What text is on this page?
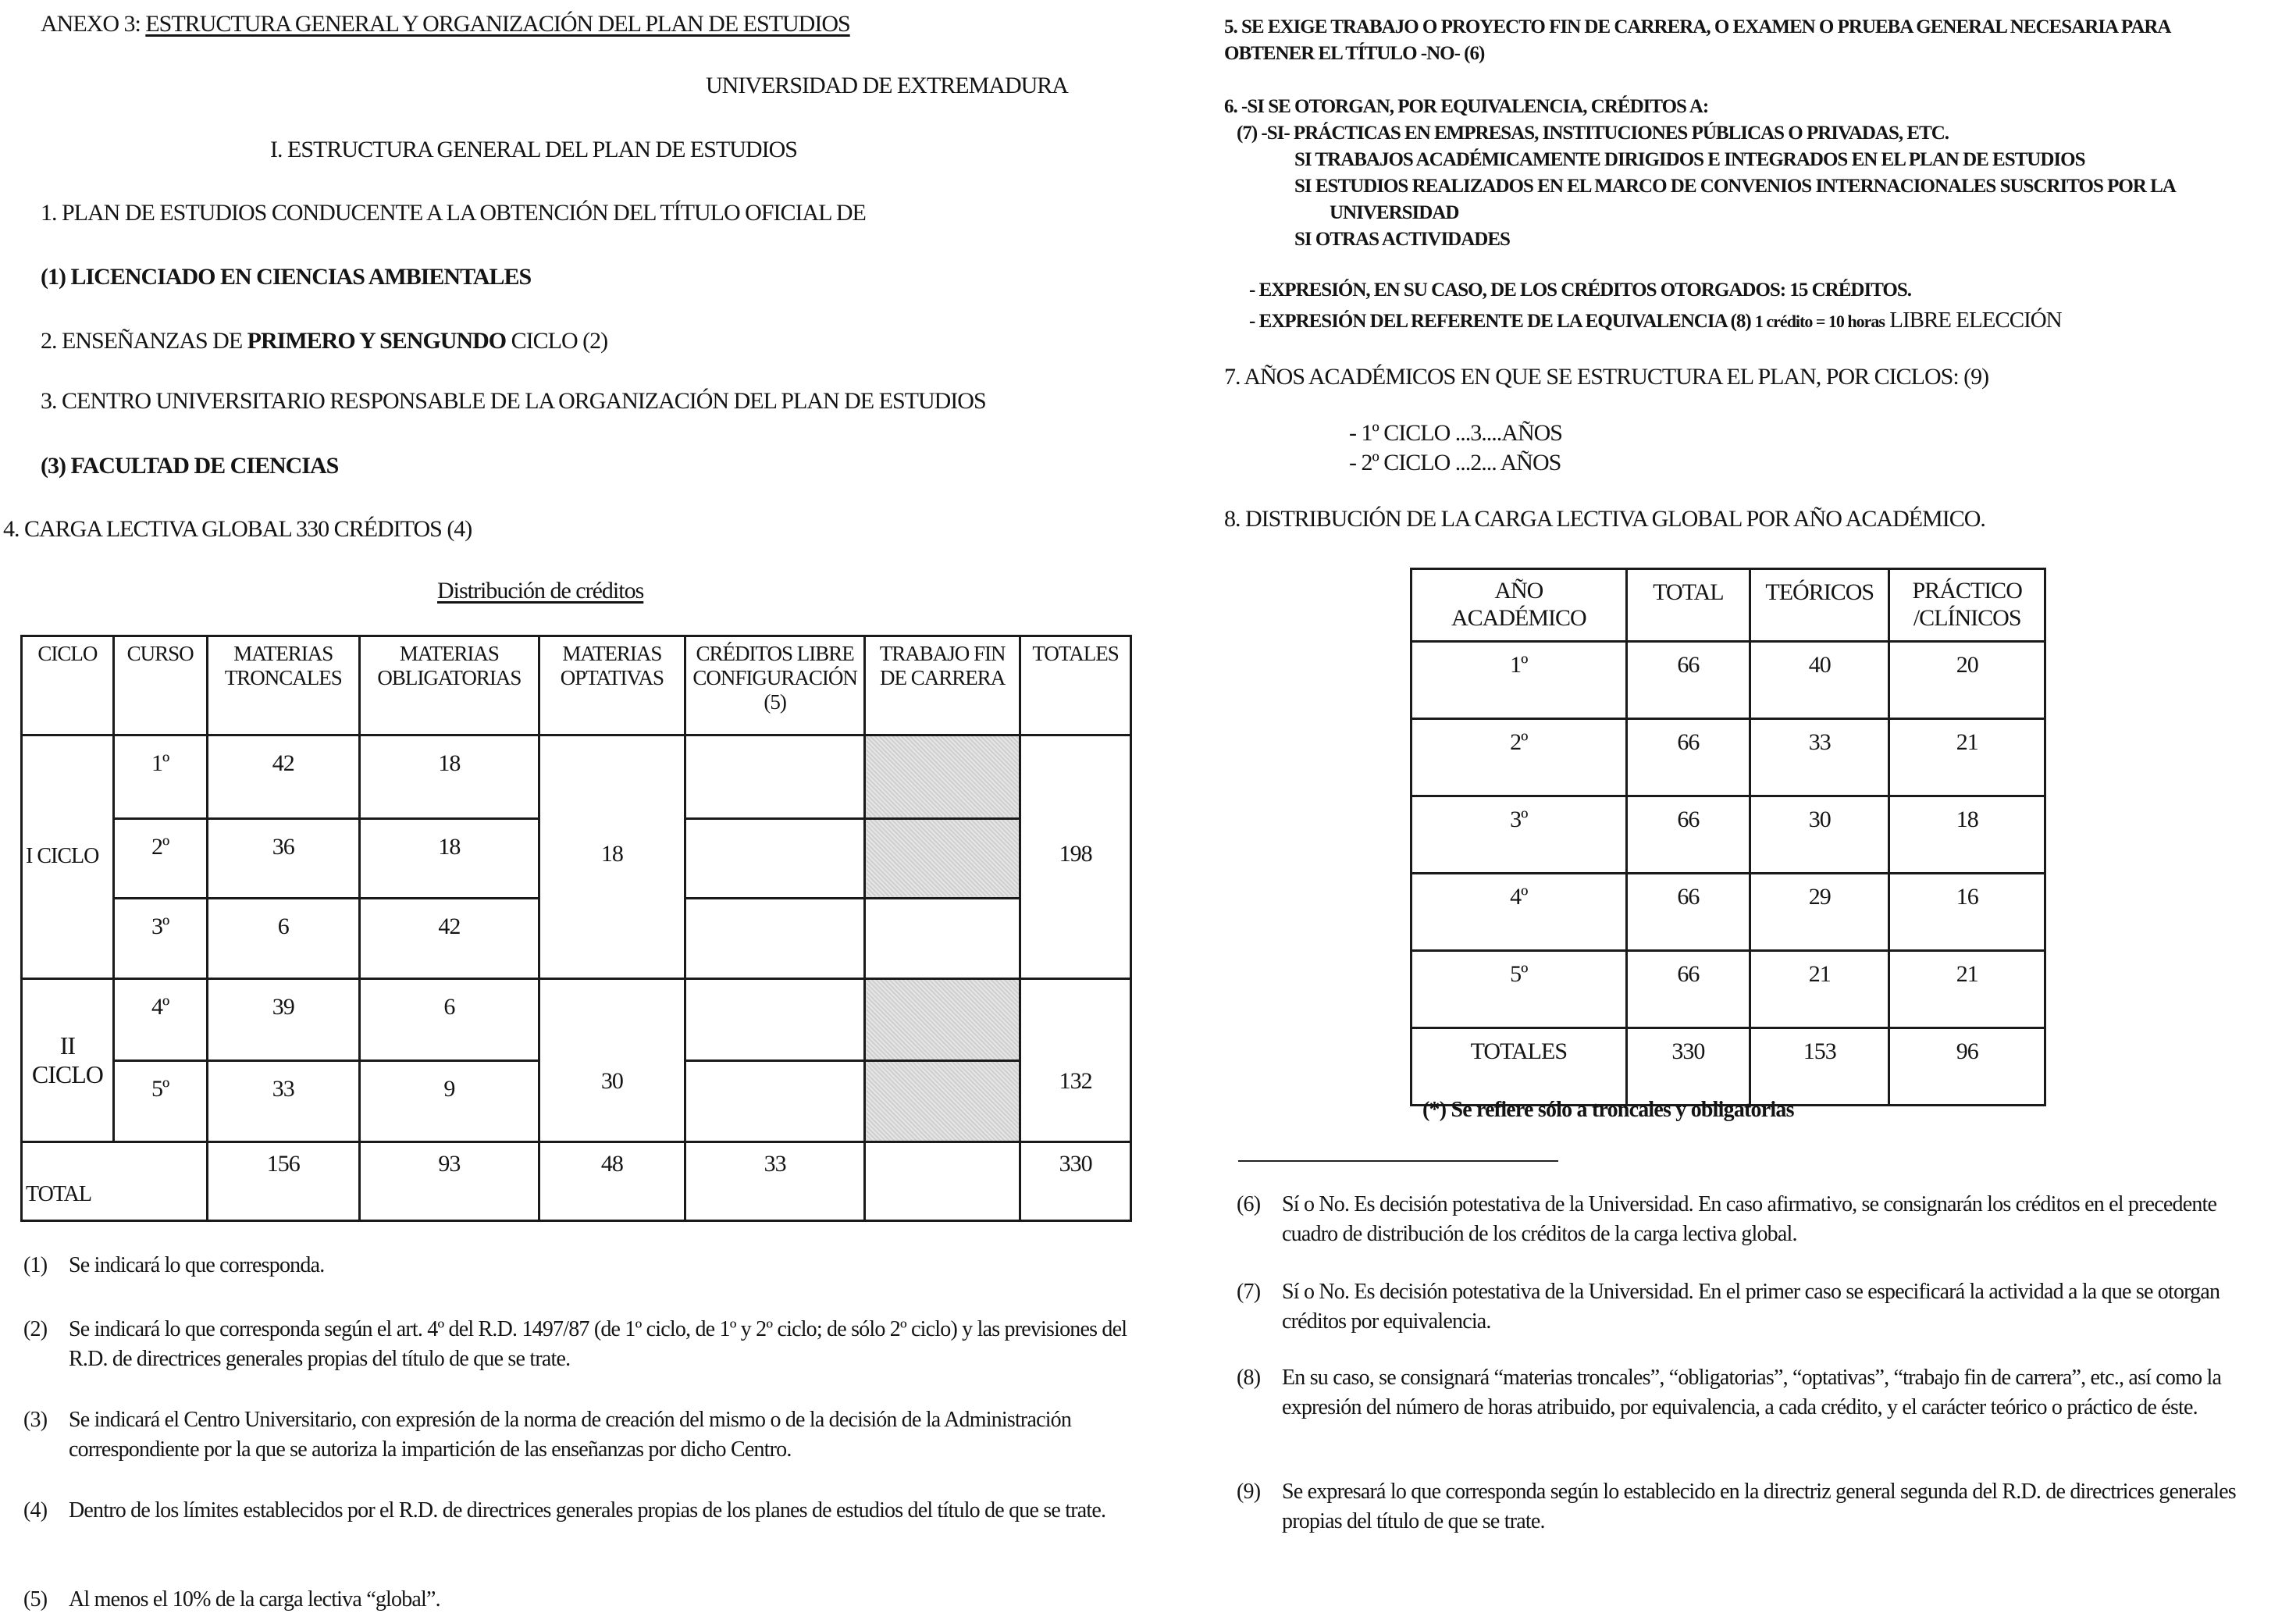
ANEXO 3: ESTRUCTURA GENERAL Y ORGANIZACIÓN DEL PLAN DE ESTUDIOS
UNIVERSIDAD DE EXTREMADURA
I. ESTRUCTURA GENERAL DEL PLAN DE ESTUDIOS
1. PLAN DE ESTUDIOS CONDUCENTE A LA OBTENCIÓN DEL TÍTULO OFICIAL DE
(1) LICENCIADO EN CIENCIAS AMBIENTALES
2. ENSEÑANZAS DE PRIMERO Y SENGUNDO CICLO (2)
3. CENTRO UNIVERSITARIO RESPONSABLE DE LA ORGANIZACIÓN DEL PLAN DE ESTUDIOS
(3) FACULTAD DE CIENCIAS
4. CARGA LECTIVA GLOBAL 330 CRÉDITOS (4)
Distribución de créditos
CICLO	CURSO	MATERIAS TRONCALES	MATERIAS OBLIGATORIAS	MATERIAS OPTATIVAS	CRÉDITOS LIBRE CONFIGURACIÓN (5)	TRABAJO FIN DE CARRERA	TOTALES
I CICLO	1º	42	18	18			198
	2º	36	18				
	3º	6	42				
II CICLO	4º	39	6	30			132
	5º	33	9				
TOTAL		156	93	48	33		330
(1) Se indicará lo que corresponda.
(2) Se indicará lo que corresponda según el art. 4º del R.D. 1497/87 (de 1º ciclo, de 1º y 2º ciclo; de sólo 2º ciclo) y las previsiones del R.D. de directrices generales propias del título de que se trate.
(3) Se indicará el Centro Universitario, con expresión de la norma de creación del mismo o de la decisión de la Administración correspondiente por la que se autoriza la impartición de las enseñanzas por dicho Centro.
(4) Dentro de los límites establecidos por el R.D. de directrices generales propias de los planes de estudios del título de que se trate.
(5) Al menos el 10% de la carga lectiva “global”.
5. SE EXIGE TRABAJO O PROYECTO FIN DE CARRERA, O EXAMEN O PRUEBA GENERAL NECESARIA PARA
OBTENER EL TÍTULO -NO- (6)
6. -SI SE OTORGAN, POR EQUIVALENCIA, CRÉDITOS A:
(7) -SI- PRÁCTICAS EN EMPRESAS, INSTITUCIONES PÚBLICAS O PRIVADAS, ETC.
SI TRABAJOS ACADÉMICAMENTE DIRIGIDOS E INTEGRADOS EN EL PLAN DE ESTUDIOS
SI ESTUDIOS REALIZADOS EN EL MARCO DE CONVENIOS INTERNACIONALES SUSCRITOS POR LA
UNIVERSIDAD
SI OTRAS ACTIVIDADES
- EXPRESIÓN, EN SU CASO, DE LOS CRÉDITOS OTORGADOS: 15 CRÉDITOS.
- EXPRESIÓN DEL REFERENTE DE LA EQUIVALENCIA (8) 1 crédito = 10 horas LIBRE ELECCIÓN
7. AÑOS ACADÉMICOS EN QUE SE ESTRUCTURA EL PLAN, POR CICLOS: (9)
- 1º CICLO ...3....AÑOS
- 2º CICLO ...2... AÑOS
8. DISTRIBUCIÓN DE LA CARGA LECTIVA GLOBAL POR AÑO ACADÉMICO.
AÑO ACADÉMICO	TOTAL	TEÓRICOS	PRÁCTICO /CLÍNICOS
1º	66	40	20
2º	66	33	21
3º	66	30	18
4º	66	29	16
5º	66	21	21
TOTALES	330	153	96
(*) Se refiere sólo a troncales y obligatorias
(6) Sí o No. Es decisión potestativa de la Universidad. En caso afirmativo, se consignarán los créditos en el precedente cuadro de distribución de los créditos de la carga lectiva global.
(7) Sí o No. Es decisión potestativa de la Universidad. En el primer caso se especificará la actividad a la que se otorgan créditos por equivalencia.
(8) En su caso, se consignará “materias troncales”, “obligatorias”, “optativas”, “trabajo fin de carrera”, etc., así como la expresión del número de horas atribuido, por equivalencia, a cada crédito, y el carácter teórico o práctico de éste.
(9) Se expresará lo que corresponda según lo establecido en la directriz general segunda del R.D. de directrices generales propias del título de que se trate.
